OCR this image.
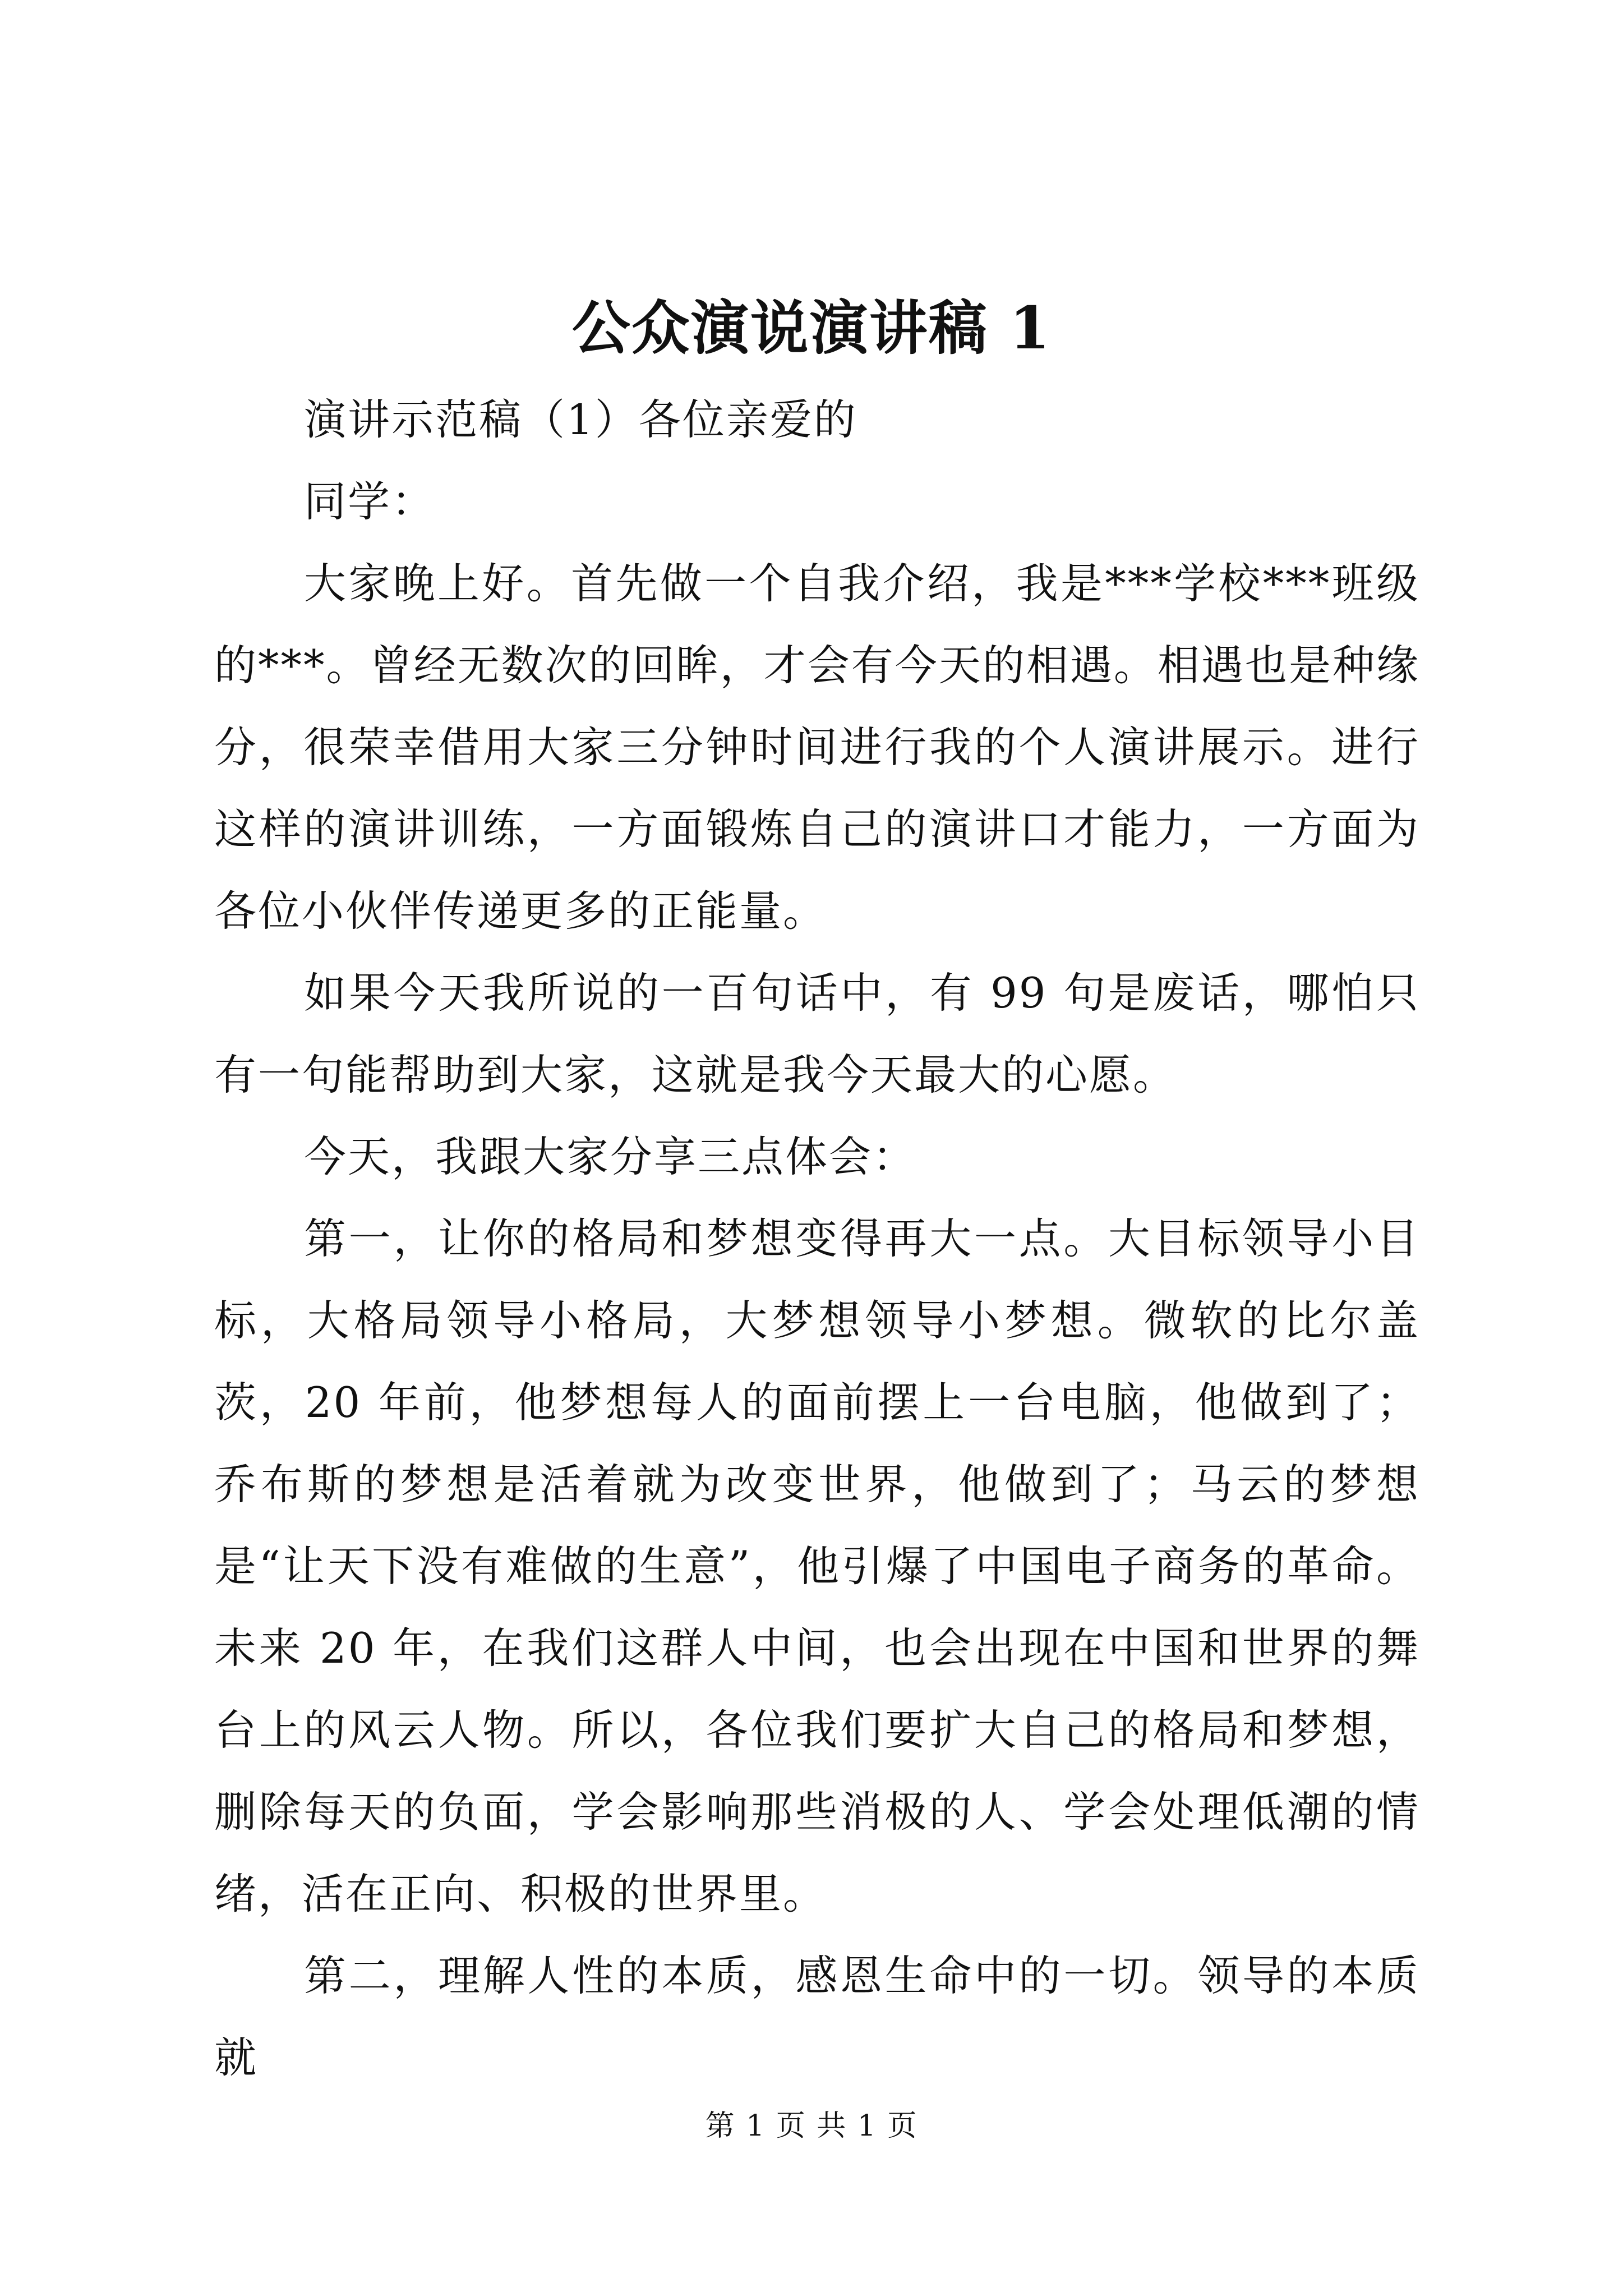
公众演说演讲稿 1

演讲示范稿（1）各位亲爱的

同学：

大家晚上好。首先做一个自我介绍，我是***学校***班级的***。曾经无数次的回眸，才会有今天的相遇。相遇也是种缘分，很荣幸借用大家三分钟时间进行我的个人演讲展示。进行这样的演讲训练，一方面锻炼自己的演讲口才能力，一方面为各位小伙伴传递更多的正能量。

如果今天我所说的一百句话中，有 99 句是废话，哪怕只有一句能帮助到大家，这就是我今天最大的心愿。

今天，我跟大家分享三点体会：

第一，让你的格局和梦想变得再大一点。大目标领导小目标，大格局领导小格局，大梦想领导小梦想。微软的比尔盖茨，20 年前，他梦想每人的面前摆上一台电脑，他做到了；乔布斯的梦想是活着就为改变世界，他做到了；马云的梦想是“让天下没有难做的生意”，他引爆了中国电子商务的革命。未来 20 年，在我们这群人中间，也会出现在中国和世界的舞台上的风云人物。所以，各位我们要扩大自己的格局和梦想，删除每天的负面，学会影响那些消极的人、学会处理低潮的情绪，活在正向、积极的世界里。

第二，理解人性的本质，感恩生命中的一切。领导的本质就

第 1 页 共 1 页
